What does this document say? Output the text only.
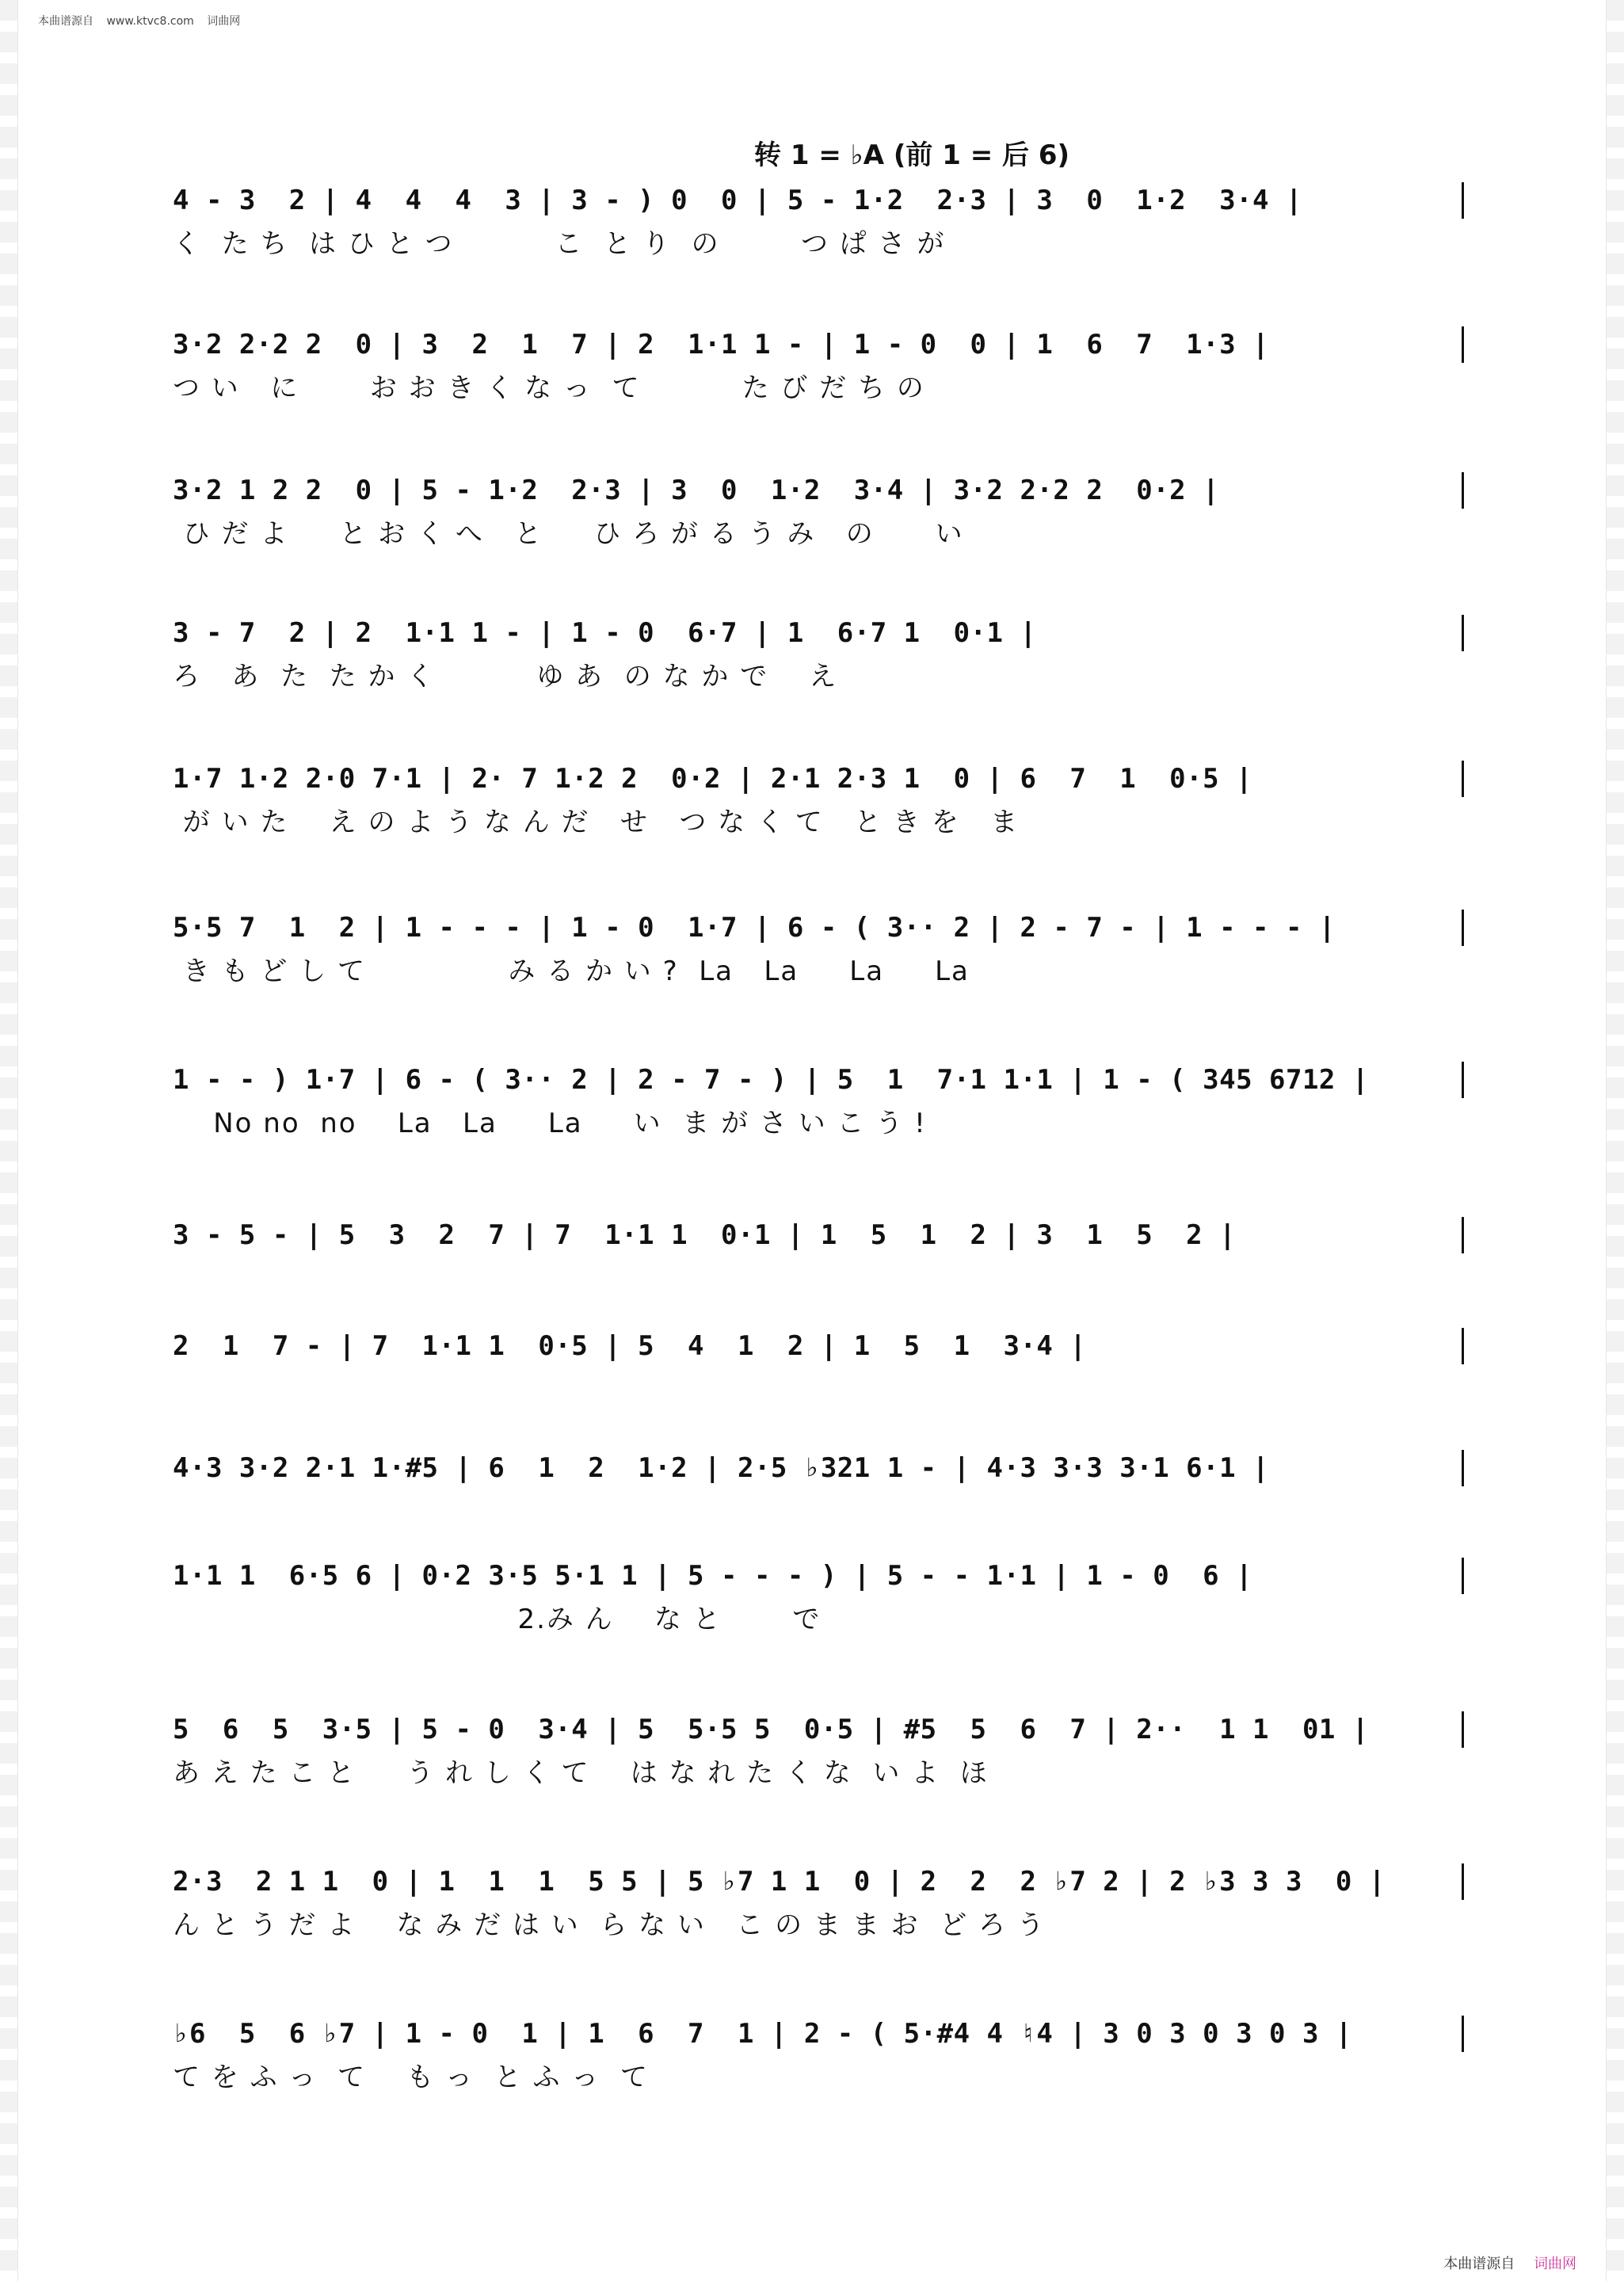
本曲谱源自 www.ktvc8.com 词曲网
转 1 = ♭A (前 1 = 后 6)
4 - 3  2 | 4  4  4  3 | 3 - ) 0  0 | 5 - 1·2  2·3 | 3  0  1·2  3·4 |
く  た ち  は ひ と つ          こ  と り  の        つ ぱ さ が
3·2 2·2 2  0 | 3  2  1  7 | 2  1·1 1 - | 1 - 0  0 | 1  6  7  1·3 |
つ い   に       お お き く な っ  て          た び だ ち の
3·2 1 2 2  0 | 5 - 1·2  2·3 | 3  0  1·2  3·4 | 3·2 2·2 2  0·2 |
ひ だ よ     と お く へ   と     ひ ろ が る う み   の      い
3 - 7  2 | 2  1·1 1 - | 1 - 0  6·7 | 1  6·7 1  0·1 |
ろ   あ  た  た か く          ゆ あ  の な か で    え
1·7 1·2 2·0 7·1 | 2· 7 1·2 2  0·2 | 2·1 2·3 1  0 | 6  7  1  0·5 |
が い た    え の よ う な ん だ   せ   つ な く て   と き を   ま
5·5 7  1  2 | 1 - - - | 1 - 0  1·7 | 6 - ( 3·· 2 | 2 - 7 - | 1 - - - |
き も ど し て              み る か い ?  La   La     La     La
1 - - ) 1·7 | 6 - ( 3·· 2 | 2 - 7 - ) | 5  1  7·1 1·1 | 1 - ( 345 6712 |
No no  no    La   La     La     い  ま が さ い こ う !
3 - 5 - | 5  3  2  7 | 7  1·1 1  0·1 | 1  5  1  2 | 3  1  5  2 |
2  1  7 - | 7  1·1 1  0·5 | 5  4  1  2 | 1  5  1  3·4 |
4·3 3·2 2·1 1·#5 | 6  1  2  1·2 | 2·5 ♭321 1 - | 4·3 3·3 3·1 6·1 |
1·1 1  6·5 6 | 0·2 3·5 5·1 1 | 5 - - - ) | 5 - - 1·1 | 1 - 0  6 |
2.み ん    な と       で
5  6  5  3·5 | 5 - 0  3·4 | 5  5·5 5  0·5 | #5  5  6  7 | 2··  1 1  01 |
あ え た こ と     う れ し く て    は な れ た く な  い よ  ほ
2·3  2 1 1  0 | 1  1  1  5 5 | 5 ♭7 1 1  0 | 2  2  2 ♭7 2 | 2 ♭3 3 3  0 |
ん と う だ よ    な み だ は い  ら な い   こ の ま ま お  ど ろ う
♭6  5  6 ♭7 | 1 - 0  1 | 1  6  7  1 | 2 - ( 5·#4 4 ♮4 | 3 0 3 0 3 0 3 |
て を ふ っ  て    も っ  と ふ っ  て
本曲谱源自 词曲网
